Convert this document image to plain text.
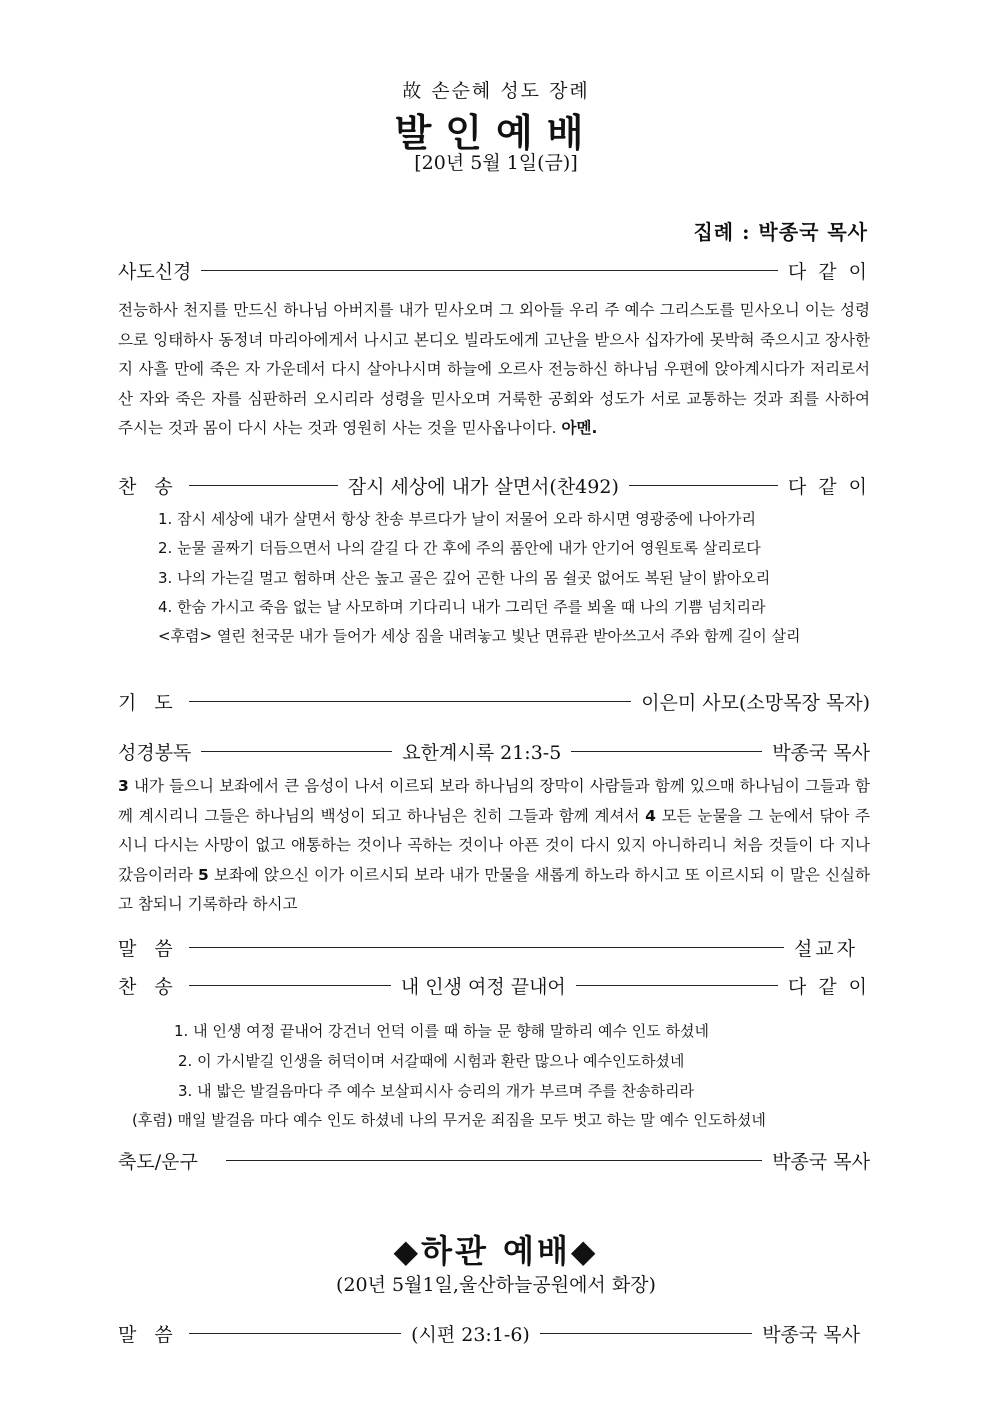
故 손순혜 성도 장례
발인예배
[20년 5월 1일(금)]
집례 : 박종국 목사
사도신경	다 같 이
전능하사 천지를 만드신 하나님 아버지를 내가 믿사오며 그 외아들 우리 주 예수 그리스도를 믿사오니 이는 성령으로 잉태하사 동정녀 마리아에게서 나시고 본디오 빌라도에게 고난을 받으사 십자가에 못박혀 죽으시고 장사한지 사흘 만에 죽은 자 가운데서 다시 살아나시며 하늘에 오르사 전능하신 하나님 우편에 앉아계시다가 저리로서 산 자와 죽은 자를 심판하러 오시리라 성령을 믿사오며 거룩한 공회와 성도가 서로 교통하는 것과 죄를 사하여 주시는 것과 몸이 다시 사는 것과 영원히 사는 것을 믿사옵나이다. 아멘.
찬 송	잠시 세상에 내가 살면서(찬492)	다 같 이
1. 잠시 세상에 내가 살면서 항상 찬송 부르다가 날이 저물어 오라 하시면 영광중에 나아가리
2. 눈물 골짜기 더듬으면서 나의 갈길 다 간 후에 주의 품안에 내가 안기어 영원토록 살리로다
3. 나의 가는길 멀고 험하며 산은 높고 골은 깊어 곤한 나의 몸 쉴곳 없어도 복된 날이 밝아오리
4. 한숨 가시고 죽음 없는 날 사모하며 기다리니 내가 그리던 주를 뵈올 때 나의 기쁨 넘치리라
<후렴> 열린 천국문 내가 들어가 세상 짐을 내려놓고 빛난 면류관 받아쓰고서 주와 함께 길이 살리
기 도	이은미 사모(소망목장 목자)
성경봉독	요한계시록 21:3-5	박종국 목사
3 내가 들으니 보좌에서 큰 음성이 나서 이르되 보라 하나님의 장막이 사람들과 함께 있으매 하나님이 그들과 함께 계시리니 그들은 하나님의 백성이 되고 하나님은 친히 그들과 함께 계셔서 4 모든 눈물을 그 눈에서 닦아 주시니 다시는 사망이 없고 애통하는 것이나 곡하는 것이나 아픈 것이 다시 있지 아니하리니 처음 것들이 다 지나갔음이러라 5 보좌에 앉으신 이가 이르시되 보라 내가 만물을 새롭게 하노라 하시고 또 이르시되 이 말은 신실하고 참되니 기록하라 하시고
말 씀	설교자
찬 송	내 인생 여정 끝내어	다 같 이
1. 내 인생 여정 끝내어 강건너 언덕 이를 때 하늘 문 향해 말하리 예수 인도 하셨네
2. 이 가시밭길 인생을 허덕이며 서갈때에 시험과 환란 많으나 예수인도하셨네
3. 내 밟은 발걸음마다 주 예수 보살피시사 승리의 개가 부르며 주를 찬송하리라
(후렴) 매일 발걸음 마다 예수 인도 하셨네 나의 무거운 죄짐을 모두 벗고 하는 말 예수 인도하셨네
축도/운구	박종국 목사
◆하관 예배◆
(20년 5월1일,울산하늘공원에서 화장)
말 씀	(시편 23:1-6)	박종국 목사
